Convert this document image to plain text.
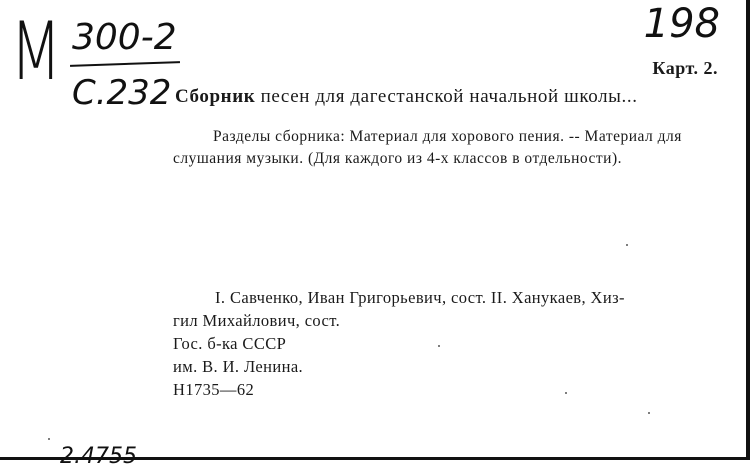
M 300-2
C.232
198
2.4755
Карт. 2.
Сборник песен для дагестанской начальной школы...
Разделы сборника: Материал для хорового пения. -- Материал для слушания музыки. (Для каждого из 4-х классов в отдельности).
I. Савченко, Иван Григорьевич, сост. II. Ханукаев, Хиз-
гил Михайлович, сост.
Гос. б-ка СССР
им. В. И. Ленина.
Н1735—62
